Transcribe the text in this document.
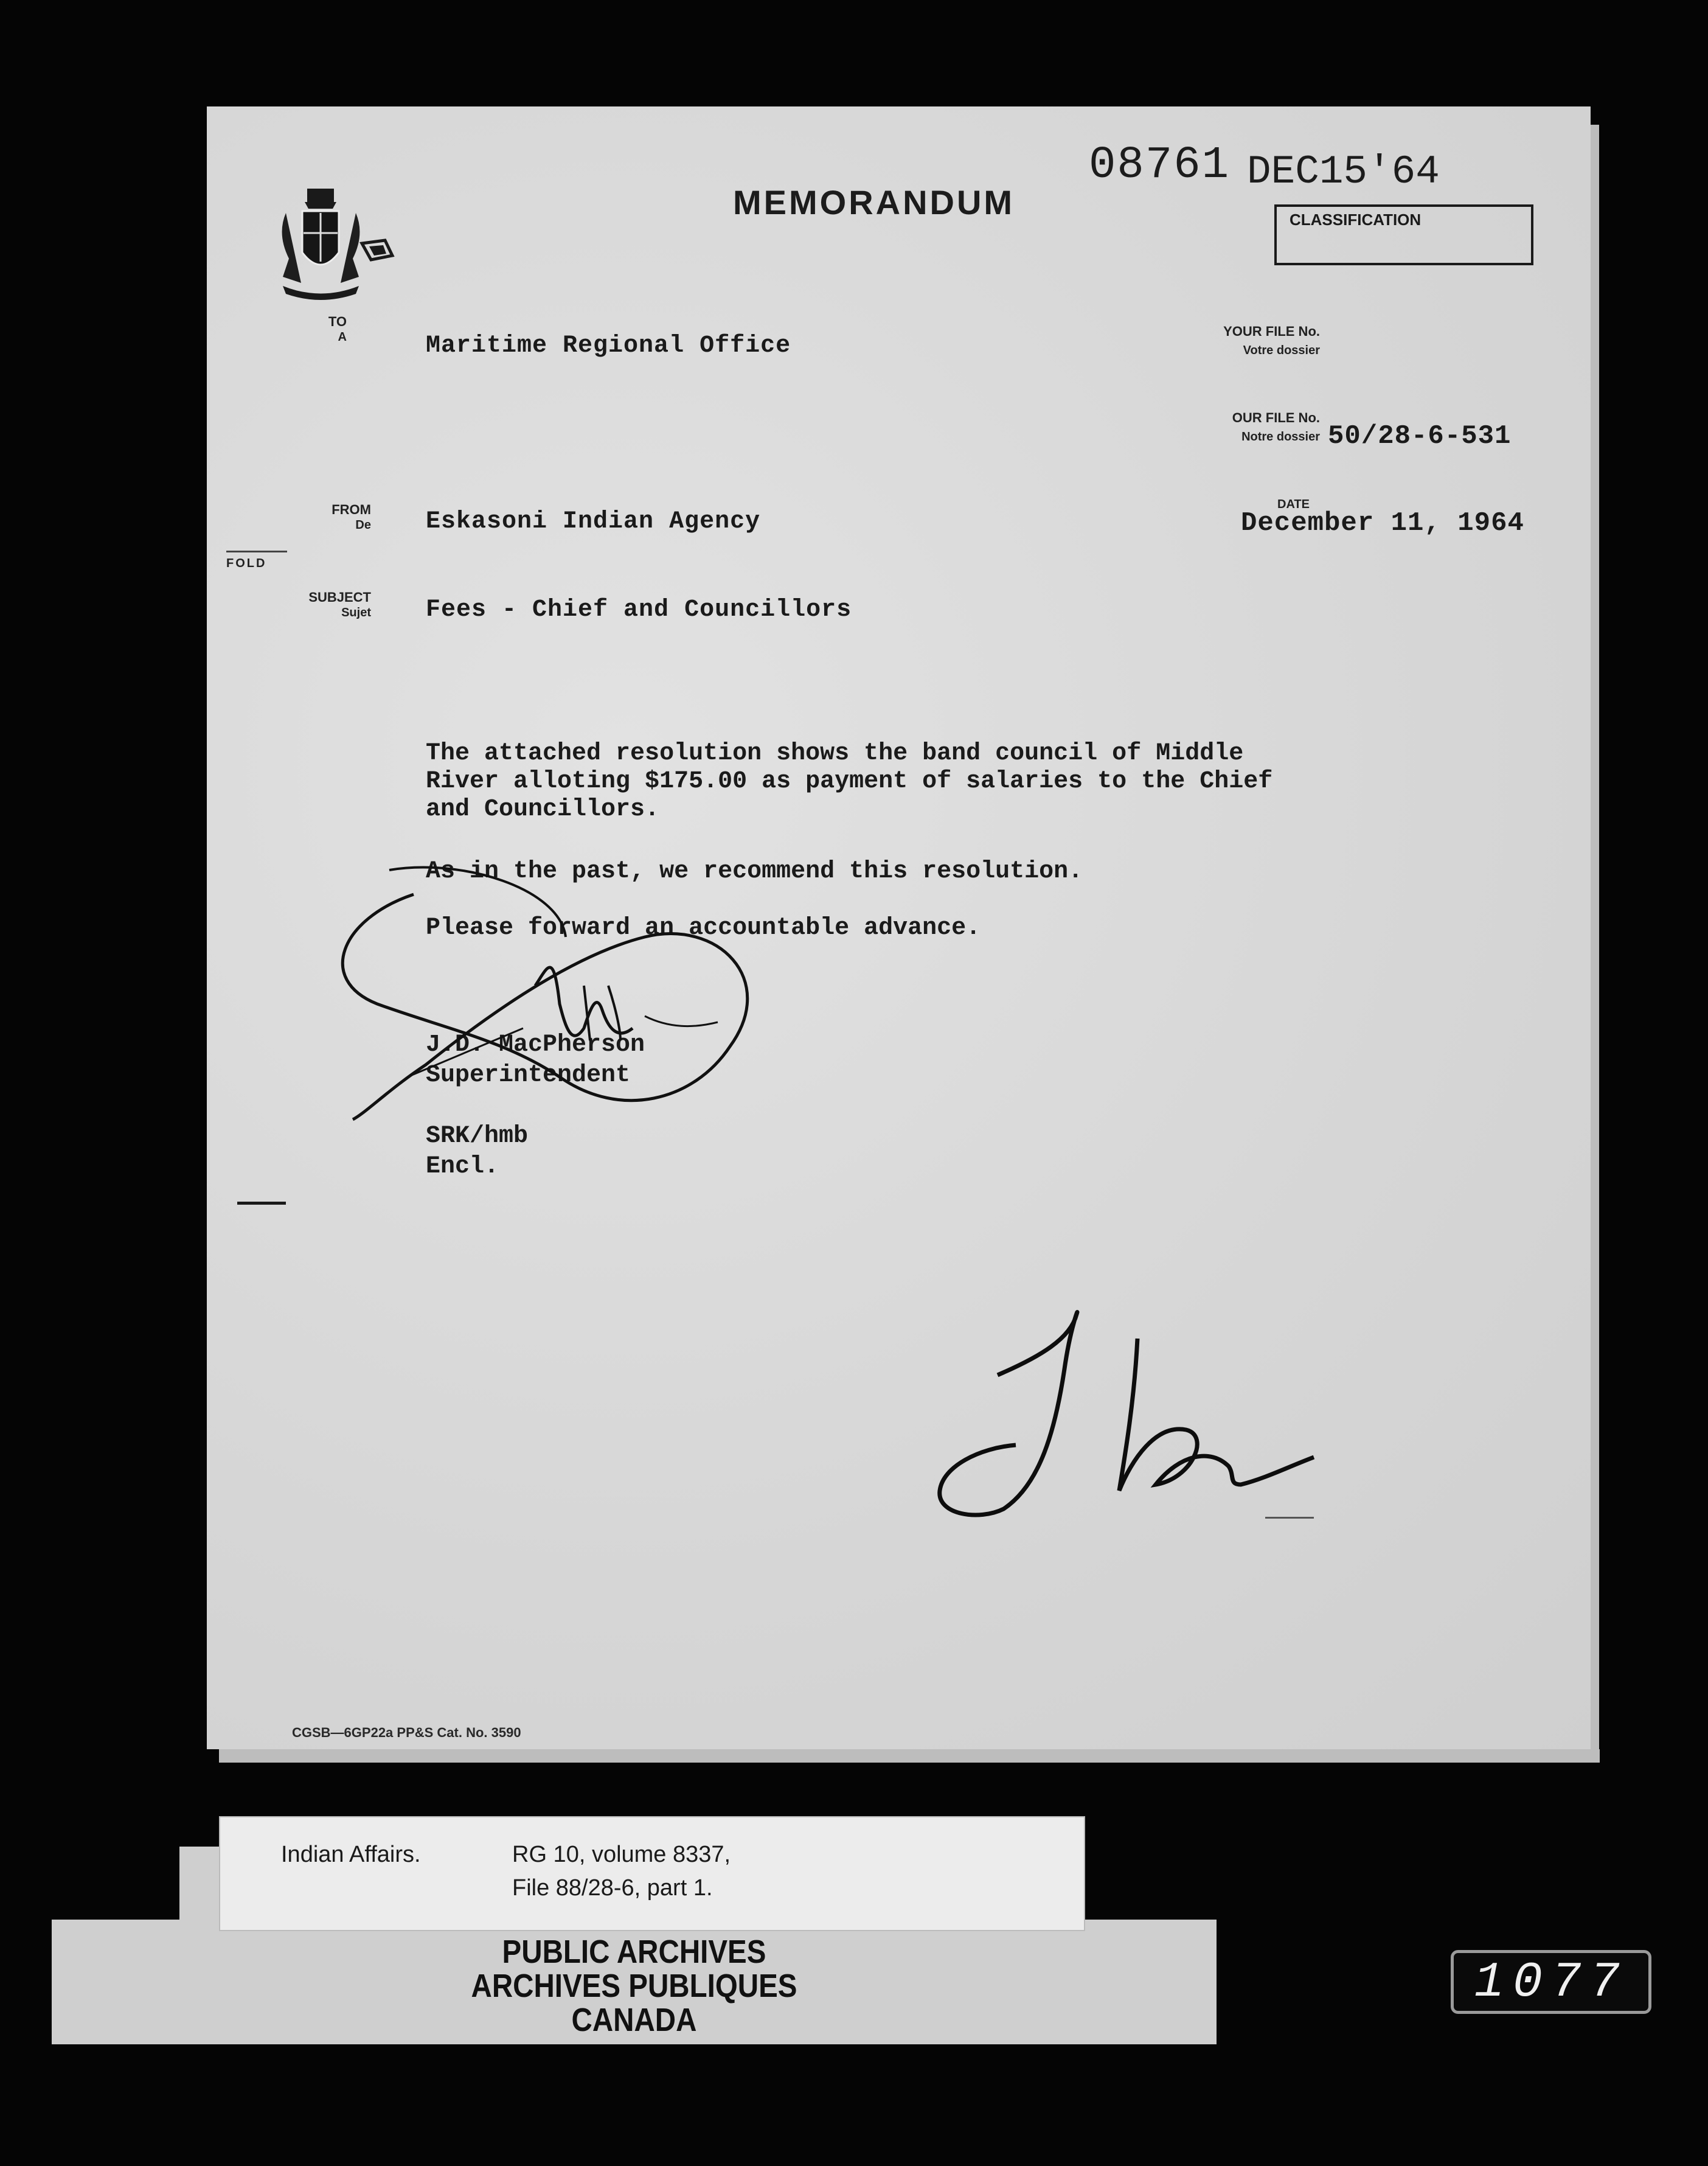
MEMORANDUM
08761 DEC15'64
CLASSIFICATION
TO
A	Maritime Regional Office
YOUR FILE No.
Votre dossier
OUR FILE No.
Notre dossier 50/28-6-531
FROM
De Eskasoni Indian Agency
DATE
December 11, 1964
FOLD
SUBJECT
Sujet Fees - Chief and Councillors
The attached resolution shows the band council of Middle
River alloting $175.00 as payment of salaries to the Chief
and Councillors.
As in the past, we recommend this resolution.
Please forward an accountable advance.
J.D. MacPherson
Superintendent
SRK/hmb
Encl.
CGSB—6GP22a PP&S Cat. No. 3590
Indian Affairs.	RG 10, volume 8337,
File 88/28-6, part 1.
PUBLIC ARCHIVES
ARCHIVES PUBLIQUES
CANADA
1077
